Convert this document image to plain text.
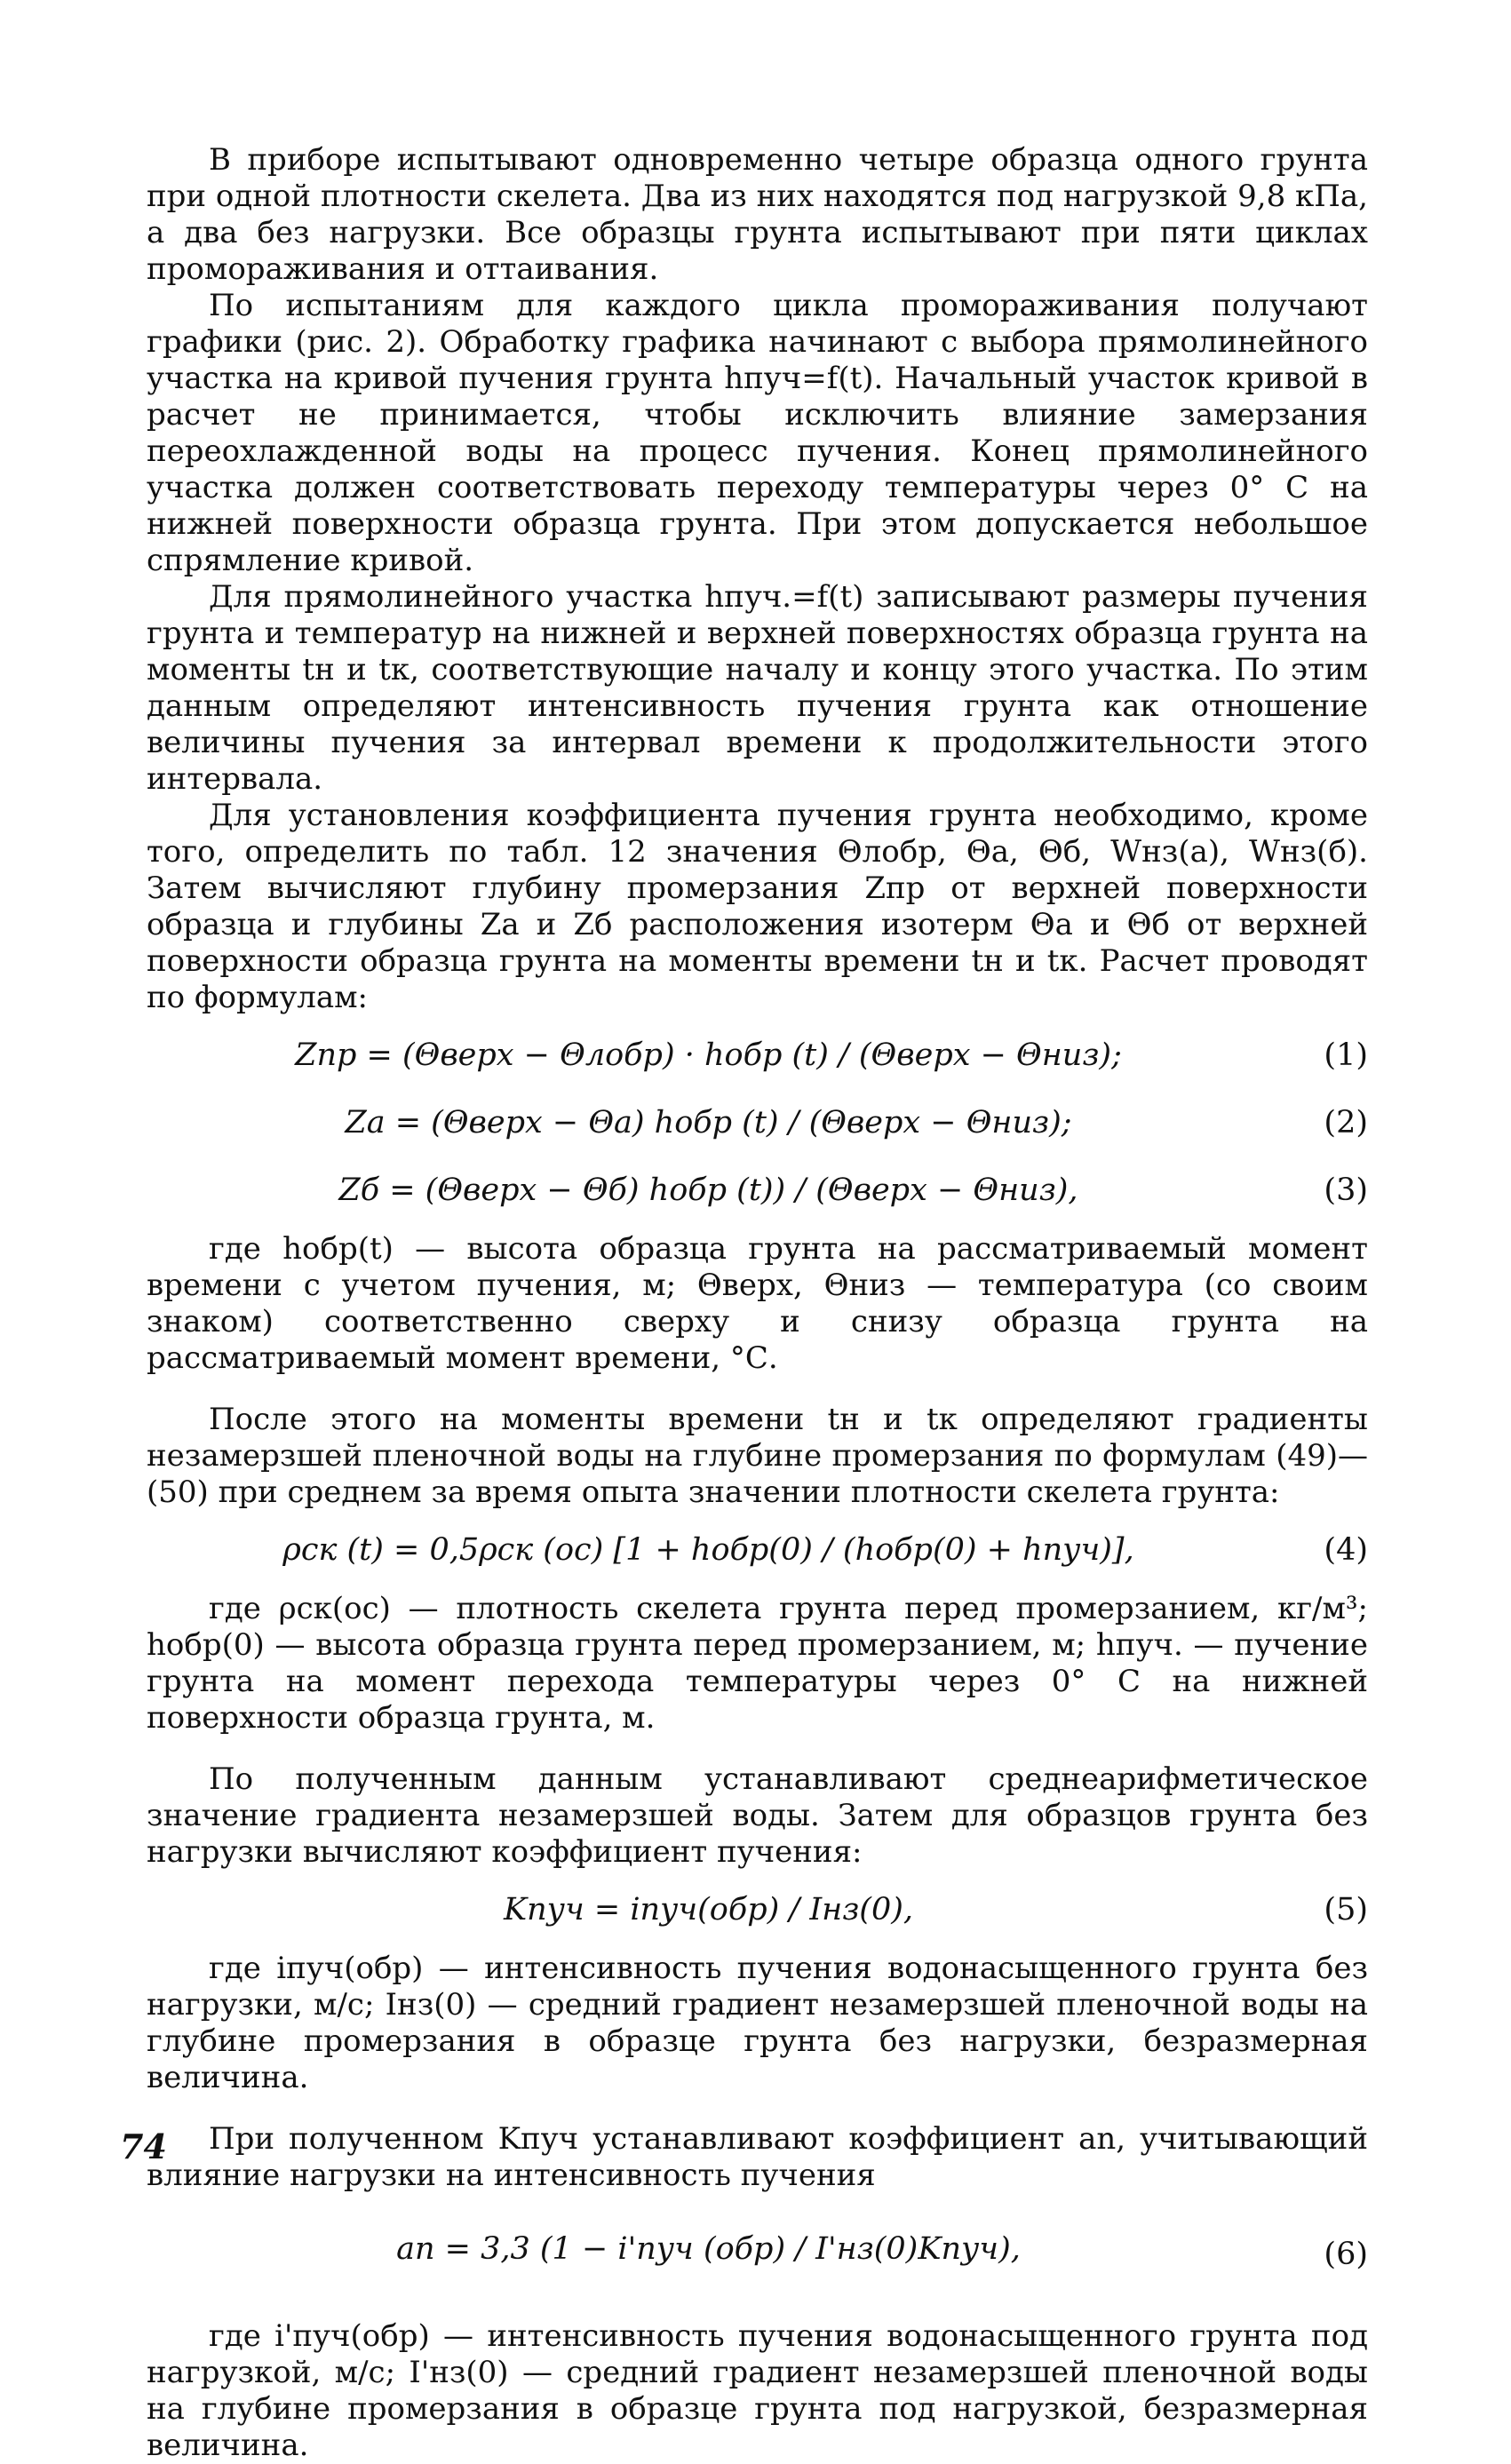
В приборе испытывают одновременно четыре образца одного грунта при одной плотности скелета. Два из них находятся под нагрузкой 9,8 кПа, а два без нагрузки. Все образцы грунта испытывают при пяти циклах промораживания и оттаивания.

По испытаниям для каждого цикла промораживания получают графики (рис. 2). Обработку графика начинают с выбора прямолинейного участка на кривой пучения грунта hпуч=f(t). Начальный участок кривой в расчет не принимается, чтобы исключить влияние замерзания переохлажденной воды на процесс пучения. Конец прямолинейного участка должен соответствовать переходу температуры через 0° С на нижней поверхности образца грунта. При этом допускается небольшое спрямление кривой.

Для прямолинейного участка hпуч.=f(t) записывают размеры пучения грунта и температур на нижней и верхней поверхностях образца грунта на моменты tн и tк, соответствующие началу и концу этого участка. По этим данным определяют интенсивность пучения грунта как отношение величины пучения за интервал времени к продолжительности этого интервала.

Для установления коэффициента пучения грунта необходимо, кроме того, определить по табл. 12 значения Θлобр, Θа, Θб, Wнз(а), Wнз(б). Затем вычисляют глубину промерзания Zпр от верхней поверхности образца и глубины Zа и Zб расположения изотерм Θа и Θб от верхней поверхности образца грунта на моменты времени tн и tк. Расчет проводят по формулам:

Zпр = (Θверх − Θлобр) · hобр (t) / (Θверх − Θниз);	(1)
Zа = (Θверх − Θа) hобр (t) / (Θверх − Θниз);	(2)
Zб = (Θверх − Θб) hобр (t)) / (Θверх − Θниз),	(3)

где hобр(t) — высота образца грунта на рассматриваемый момент времени с учетом пучения, м; Θверх, Θниз — температура (со своим знаком) соответственно сверху и снизу образца грунта на рассматриваемый момент времени, °С.

После этого на моменты времени tн и tк определяют градиенты незамерзшей пленочной воды на глубине промерзания по формулам (49)—(50) при среднем за время опыта значении плотности скелета грунта:

ρск (t) = 0,5ρск (ос) [1 + hобр(0) / (hобр(0) + hпуч)],	(4)

где ρск(ос) — плотность скелета грунта перед промерзанием, кг/м³; hобр(0) — высота образца грунта перед промерзанием, м; hпуч. — пучение грунта на момент перехода температуры через 0° С на нижней поверхности образца грунта, м.

По полученным данным устанавливают среднеарифметическое значение градиента незамерзшей воды. Затем для образцов грунта без нагрузки вычисляют коэффициент пучения:

Kпуч = iпуч(обр) / Iнз(0),	(5)

где iпуч(обр) — интенсивность пучения водонасыщенного грунта без нагрузки, м/с; Iнз(0) — средний градиент незамерзшей пленочной воды на глубине промерзания в образце грунта без нагрузки, безразмерная величина.

При полученном Kпуч устанавливают коэффициент an, учитывающий влияние нагрузки на интенсивность пучения

an = 3,3 (1 − i'пуч (обр) / I'нз(0)Kпуч),	(6)

где i'пуч(обр) — интенсивность пучения водонасыщенного грунта под нагрузкой, м/с; I'нз(0) — средний градиент незамерзшей пленочной воды на глубине промерзания в образце грунта под нагрузкой, безразмерная величина.

74
